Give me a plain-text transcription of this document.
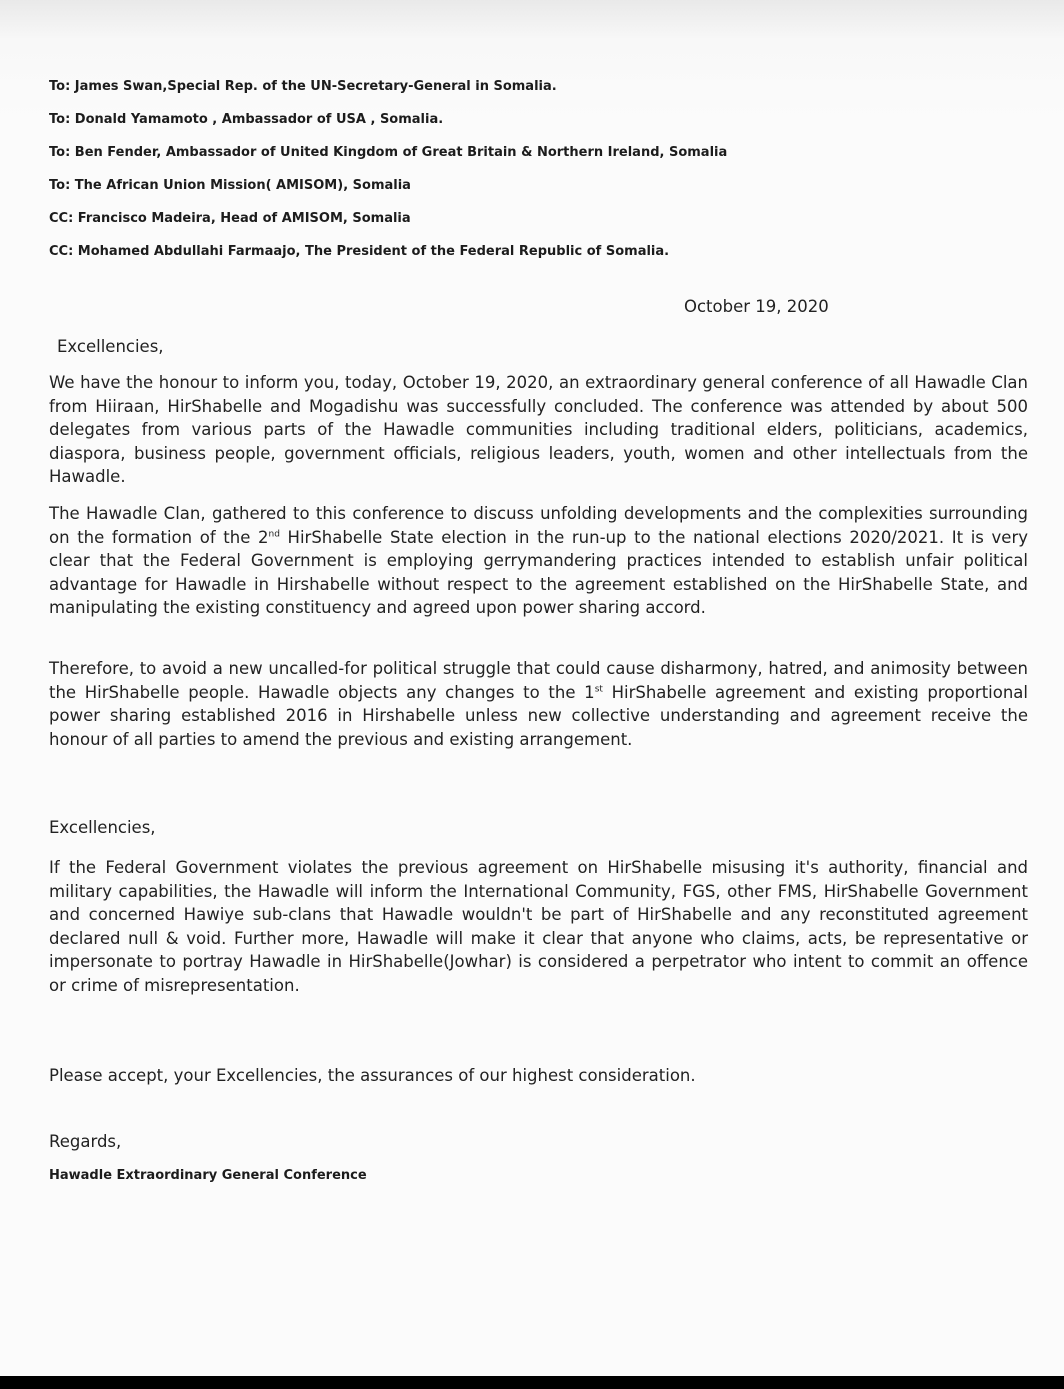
To: James Swan,Special Rep. of the UN-Secretary-General in Somalia.
To: Donald Yamamoto , Ambassador of USA , Somalia.
To: Ben Fender, Ambassador of United Kingdom of Great Britain & Northern Ireland, Somalia
To: The African Union Mission( AMISOM), Somalia
CC: Francisco Madeira, Head of AMISOM, Somalia
CC: Mohamed Abdullahi Farmaajo, The President of the Federal Republic of Somalia.
October 19, 2020
Excellencies,
We have the honour to inform you, today, October 19, 2020, an extraordinary general conference of all Hawadle Clan from Hiiraan, HirShabelle and Mogadishu was successfully concluded. The conference was attended by about 500 delegates from various parts of the Hawadle communities including traditional elders, politicians, academics, diaspora, business people, government officials, religious leaders, youth, women and other intellectuals from the Hawadle.
The Hawadle Clan, gathered to this conference to discuss unfolding developments and the complexities surrounding on the formation of the 2nd HirShabelle State election in the run-up to the national elections 2020/2021. It is very clear that the Federal Government is employing gerrymandering practices intended to establish unfair political advantage for Hawadle in Hirshabelle without respect to the agreement established on the HirShabelle State, and manipulating the existing constituency and agreed upon power sharing accord.
Therefore, to avoid a new uncalled-for political struggle that could cause disharmony, hatred, and animosity between the HirShabelle people. Hawadle objects any changes to the 1st HirShabelle agreement and existing proportional power sharing established 2016 in Hirshabelle unless new collective understanding and agreement receive the honour of all parties to amend the previous and existing arrangement.
Excellencies,
If the Federal Government violates the previous agreement on HirShabelle misusing it's authority, financial and military capabilities, the Hawadle will inform the International Community, FGS, other FMS, HirShabelle Government and concerned Hawiye sub-clans that Hawadle wouldn't be part of HirShabelle and any reconstituted agreement declared null & void. Further more, Hawadle will make it clear that anyone who claims, acts, be representative or impersonate to portray Hawadle in HirShabelle(Jowhar) is considered a perpetrator who intent to commit an offence or crime of misrepresentation.
Please accept, your Excellencies, the assurances of our highest consideration.
Regards,
Hawadle Extraordinary General Conference
